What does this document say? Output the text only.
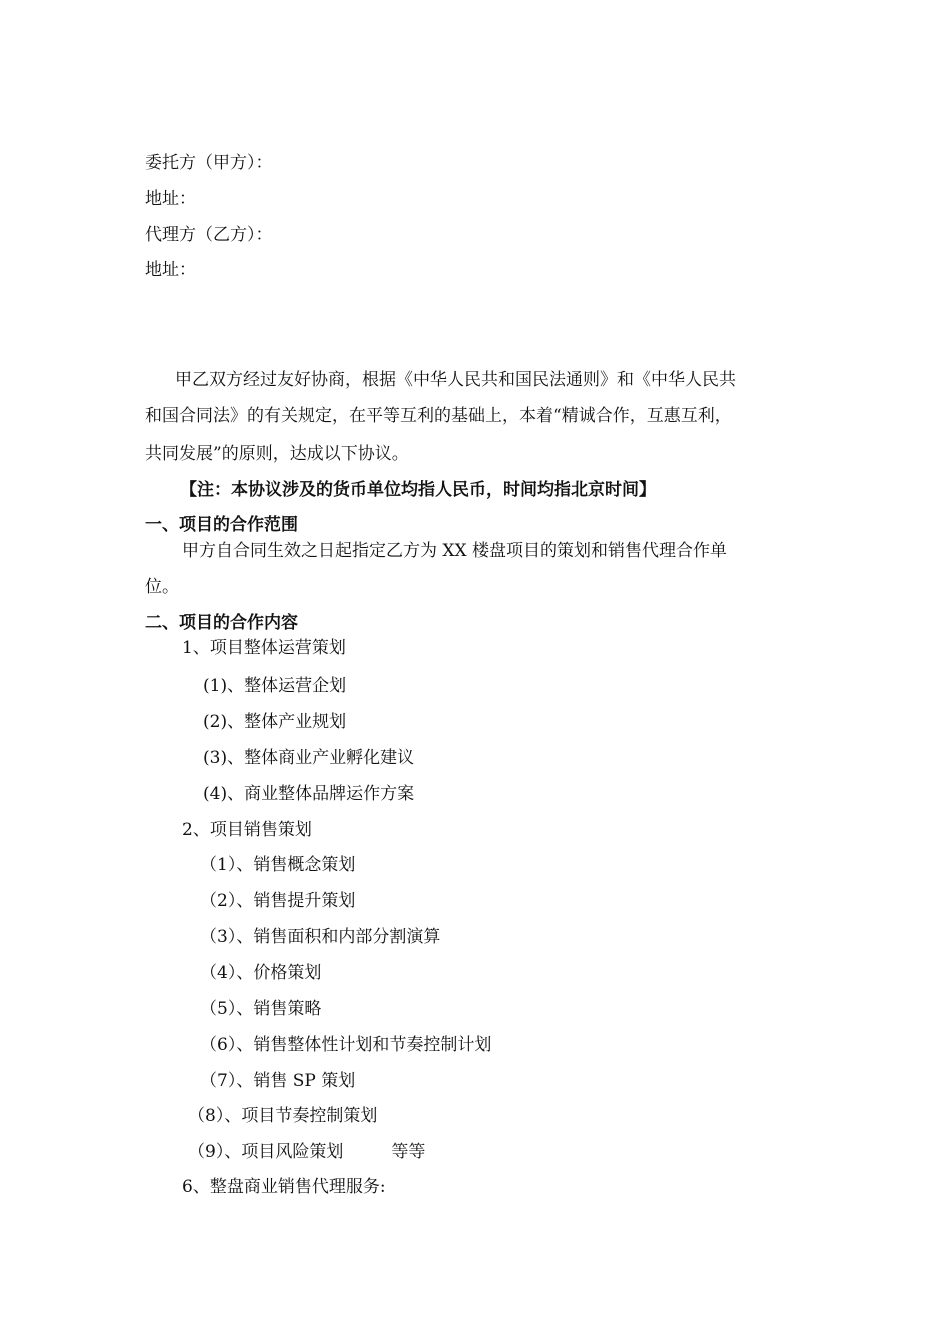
委托方（甲方）：
地址：
代理方（乙方）：
地址：
甲乙双方经过友好协商，根据《中华人民共和国民法通则》和《中华人民共
和国合同法》的有关规定，在平等互利的基础上，本着“精诚合作，互惠互利，
共同发展”的原则，达成以下协议。
【注：本协议涉及的货币单位均指人民币，时间均指北京时间】
一、项目的合作范围
甲方自合同生效之日起指定乙方为 XX 楼盘项目的策划和销售代理合作单
位。
二、项目的合作内容
1、项目整体运营策划
(1)、整体运营企划
(2)、整体产业规划
(3)、整体商业产业孵化建议
(4)、商业整体品牌运作方案
2、项目销售策划
（1）、销售概念策划
（2）、销售提升策划
（3）、销售面积和内部分割演算
（4）、价格策划
（5）、销售策略
（6）、销售整体性计划和节奏控制计划
（7）、销售 SP 策划
（8）、项目节奏控制策划
（9）、项目风险策划	等等
6、整盘商业销售代理服务:
